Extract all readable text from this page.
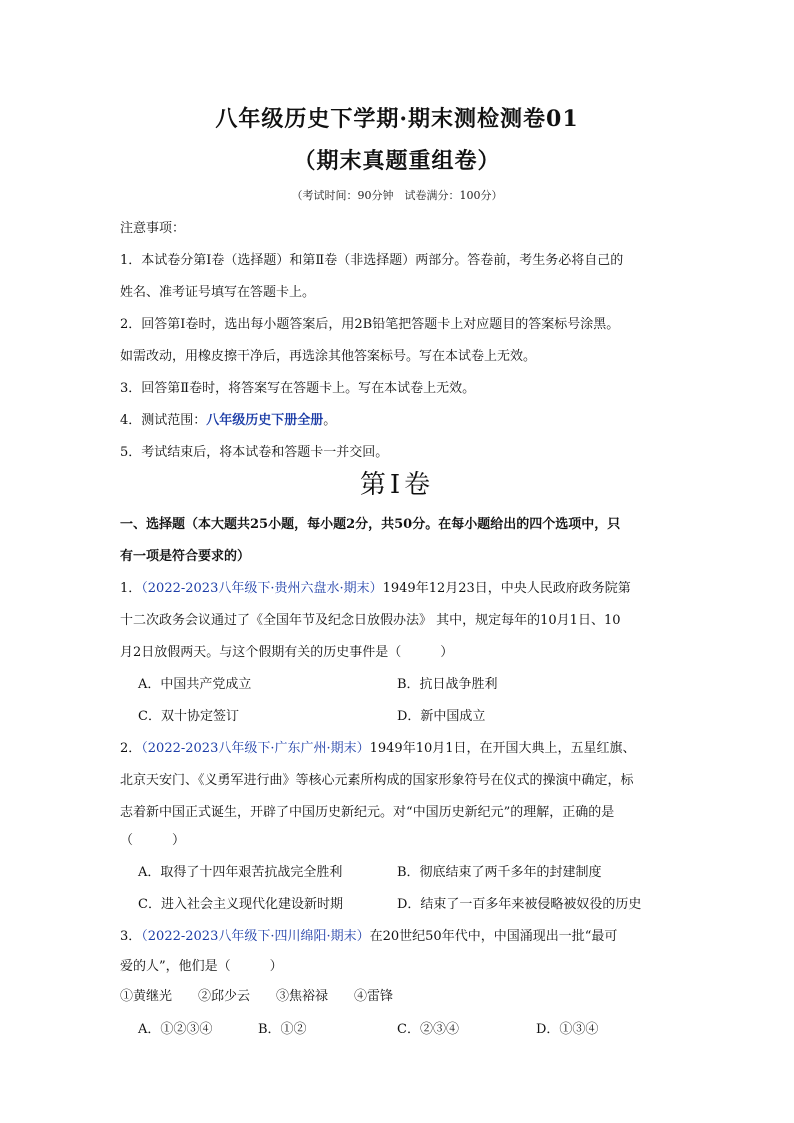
八年级历史下学期·期末测检测卷01
（期末真题重组卷）
（考试时间：90分钟　试卷满分：100分）
注意事项：
1．本试卷分第Ⅰ卷（选择题）和第Ⅱ卷（非选择题）两部分。答卷前，考生务必将自己的
姓名、准考证号填写在答题卡上。
2．回答第Ⅰ卷时，选出每小题答案后，用2B铅笔把答题卡上对应题目的答案标号涂黑。
如需改动，用橡皮擦干净后，再选涂其他答案标号。写在本试卷上无效。
3．回答第Ⅱ卷时，将答案写在答题卡上。写在本试卷上无效。
4．测试范围：八年级历史下册全册。
5．考试结束后，将本试卷和答题卡一并交回。
第Ⅰ卷
一、选择题（本大题共25小题，每小题2分，共50分。在每小题给出的四个选项中，只
有一项是符合要求的）
1．（2022-2023八年级下·贵州六盘水·期末）1949年12月23日，中央人民政府政务院第
十二次政务会议通过了《全国年节及纪念日放假办法》 其中，规定每年的10月1日、10
月2日放假两天。与这个假期有关的历史事件是（　　　）
A．中国共产党成立	B．抗日战争胜利
C．双十协定签订	D．新中国成立
2．（2022-2023八年级下·广东广州·期末）1949年10月1日，在开国大典上，五星红旗、
北京天安门、《义勇军进行曲》等核心元素所构成的国家形象符号在仪式的操演中确定，标
志着新中国正式诞生，开辟了中国历史新纪元。对“中国历史新纪元”的理解，正确的是
（　　　）
A．取得了十四年艰苦抗战完全胜利	B．彻底结束了两千多年的封建制度
C．进入社会主义现代化建设新时期	D．结束了一百多年来被侵略被奴役的历史
3．（2022-2023八年级下·四川绵阳·期末）在20世纪50年代中，中国涌现出一批“最可
爱的人”，他们是（　　　）
①黄继光　　②邱少云　　③焦裕禄　　④雷锋
A．①②③④	B．①②	C．②③④	D．①③④
